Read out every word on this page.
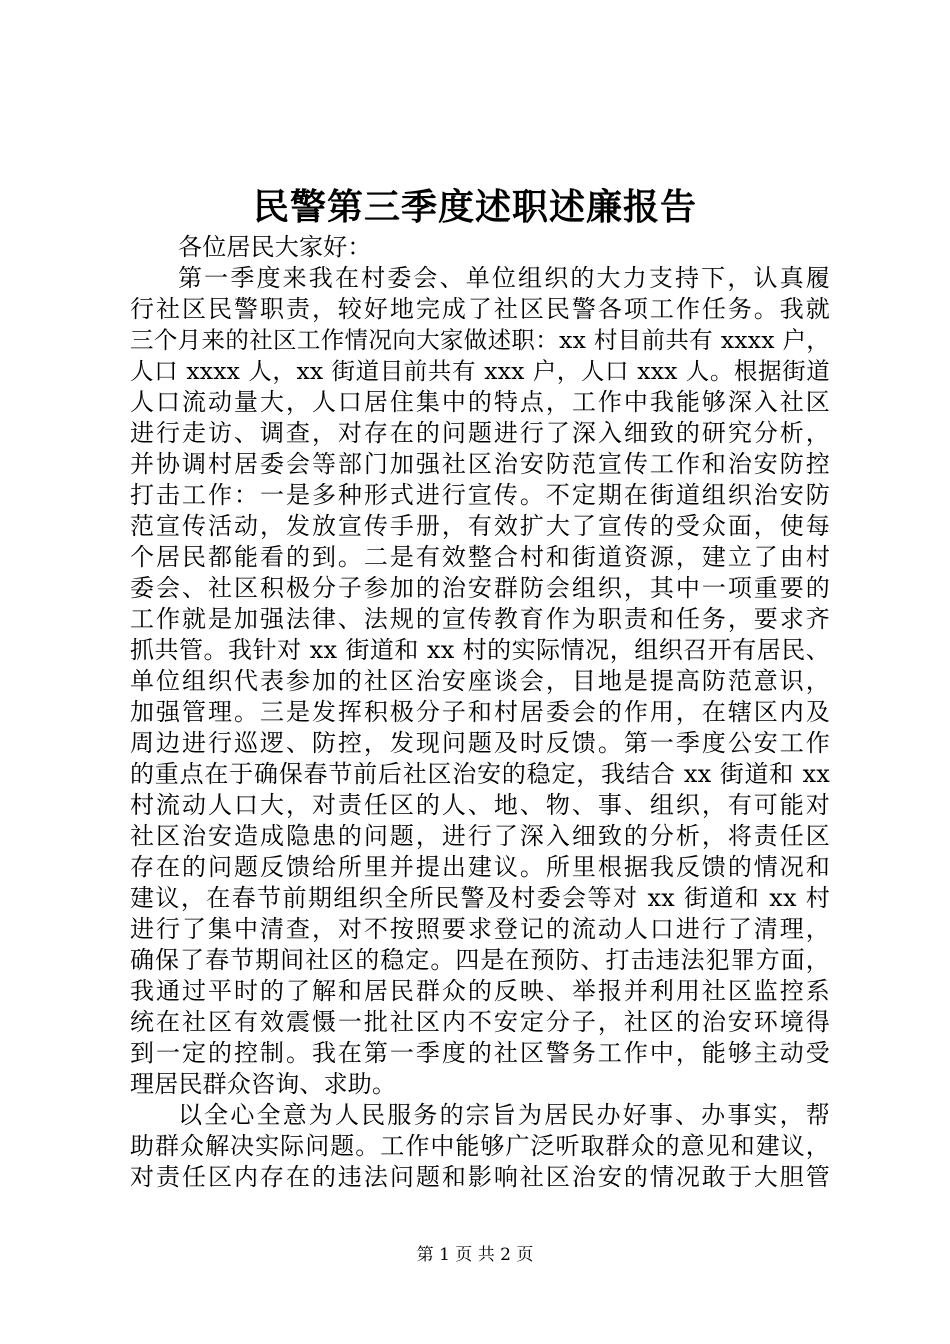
民警第三季度述职述廉报告
各位居民大家好：
第一季度来我在村委会、单位组织的大力支持下，认真履
行社区民警职责，较好地完成了社区民警各项工作任务。我就
三个月来的社区工作情况向大家做述职：xx 村目前共有 xxxx 户，
人口 xxxx 人，xx 街道目前共有 xxx 户，人口 xxx 人。根据街道
人口流动量大，人口居住集中的特点，工作中我能够深入社区
进行走访、调查，对存在的问题进行了深入细致的研究分析，
并协调村居委会等部门加强社区治安防范宣传工作和治安防控
打击工作：一是多种形式进行宣传。不定期在街道组织治安防
范宣传活动，发放宣传手册，有效扩大了宣传的受众面，使每
个居民都能看的到。二是有效整合村和街道资源，建立了由村
委会、社区积极分子参加的治安群防会组织，其中一项重要的
工作就是加强法律、法规的宣传教育作为职责和任务，要求齐
抓共管。我针对 xx 街道和 xx 村的实际情况，组织召开有居民、
单位组织代表参加的社区治安座谈会，目地是提高防范意识，
加强管理。三是发挥积极分子和村居委会的作用，在辖区内及
周边进行巡逻、防控，发现问题及时反馈。第一季度公安工作
的重点在于确保春节前后社区治安的稳定，我结合 xx 街道和 xx
村流动人口大，对责任区的人、地、物、事、组织，有可能对
社区治安造成隐患的问题，进行了深入细致的分析，将责任区
存在的问题反馈给所里并提出建议。所里根据我反馈的情况和
建议，在春节前期组织全所民警及村委会等对 xx 街道和 xx 村
进行了集中清查，对不按照要求登记的流动人口进行了清理，
确保了春节期间社区的稳定。四是在预防、打击违法犯罪方面，
我通过平时的了解和居民群众的反映、举报并利用社区监控系
统在社区有效震慑一批社区内不安定分子，社区的治安环境得
到一定的控制。我在第一季度的社区警务工作中，能够主动受
理居民群众咨询、求助。
以全心全意为人民服务的宗旨为居民办好事、办事实，帮
助群众解决实际问题。工作中能够广泛听取群众的意见和建议，
对责任区内存在的违法问题和影响社区治安的情况敢于大胆管
第 1 页 共 2 页
